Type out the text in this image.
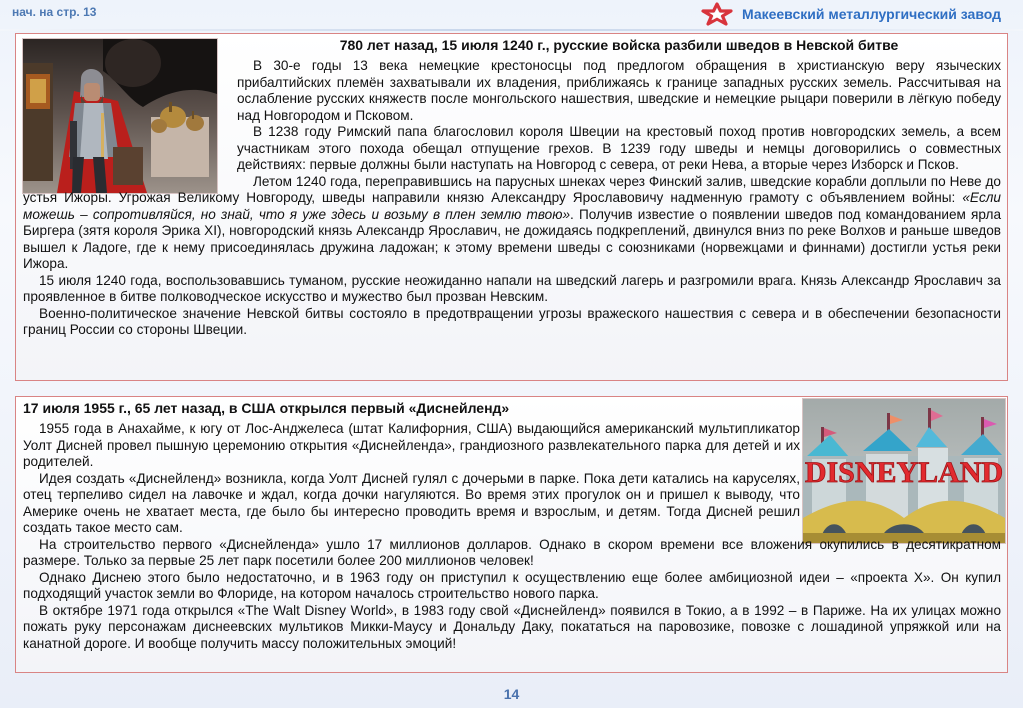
нач. на стр. 13	Макеевский металлургический завод
780 лет назад, 15 июля 1240 г., русские войска разбили шведов в Невской битве

В 30-е годы 13 века немецкие крестоносцы под предлогом обращения в христианскую веру языческих прибалтийских племён захватывали их владения, приближаясь к границе западных русских земель. Рассчитывая на ослабление русских княжеств после монгольского нашествия, шведские и немецкие рыцари поверили в лёгкую победу над Новгородом и Псковом.

В 1238 году Римский папа благословил короля Швеции на крестовый поход против новгородских земель, а всем участникам этого похода обещал отпущение грехов. В 1239 году шведы и немцы договорились о совместных действиях: первые должны были наступать на Новгород с севера, от реки Нева, а вторые через Изборск и Псков.

Летом 1240 года, переправившись на парусных шнеках через Финский залив, шведские корабли доплыли по Неве до устья Ижоры. Угрожая Великому Новгороду, шведы направили князю Александру Ярославовичу надменную грамоту с объявлением войны: «Если можешь – сопротивляйся, но знай, что я уже здесь и возьму в плен землю твою». Получив известие о появлении шведов под командованием ярла Биргера (зятя короля Эрика XI), новгородский князь Александр Ярославич, не дожидаясь подкреплений, двинулся вниз по реке Волхов и раньше шведов вышел к Ладоге, где к нему присоединялась дружина ладожан; к этому времени шведы с союзниками (норвежцами и финнами) достигли устья реки Ижора.

15 июля 1240 года, воспользовавшись туманом, русские неожиданно напали на шведский лагерь и разгромили врага. Князь Александр Ярославич за проявленное в битве полководческое искусство и мужество был прозван Невским.

Военно-политическое значение Невской битвы состояло в предотвращении угрозы вражеского нашествия с севера и в обеспечении безопасности границ России со стороны Швеции.

DISNEYLAND
17 июля 1955 г., 65 лет назад, в США открылся первый «Диснейленд»

1955 года в Анахайме, к югу от Лос-Анджелеса (штат Калифорния, США) выдающийся американский мультипликатор Уолт Дисней провел пышную церемонию открытия «Диснейленда», грандиозного развлекательного парка для детей и их родителей.

Идея создать «Диснейленд» возникла, когда Уолт Дисней гулял с дочерьми в парке. Пока дети катались на каруселях, отец терпеливо сидел на лавочке и ждал, когда дочки нагуляются. Во время этих прогулок он и пришел к выводу, что Америке очень не хватает места, где было бы интересно проводить время и взрослым, и детям. Тогда Дисней решил создать такое место сам.

На строительство первого «Диснейленда» ушло 17 миллионов долларов. Однако в скором времени все вложения окупились в десятикратном размере. Только за первые 25 лет парк посетили более 200 миллионов человек!

Однако Диснею этого было недостаточно, и в 1963 году он приступил к осуществлению еще более амбициозной идеи – «проекта Х». Он купил подходящий участок земли во Флориде, на котором началось строительство нового парка.

В октябре 1971 года открылся «The Walt Disney World», в 1983 году свой «Диснейленд» появился в Токио, а в 1992 – в Париже. На их улицах можно пожать руку персонажам диснеевских мультиков Микки-Маусу и Дональду Даку, покататься на паровозике, повозке с лошадиной упряжкой или на канатной дороге. И вообще получить массу положительных эмоций!

14
